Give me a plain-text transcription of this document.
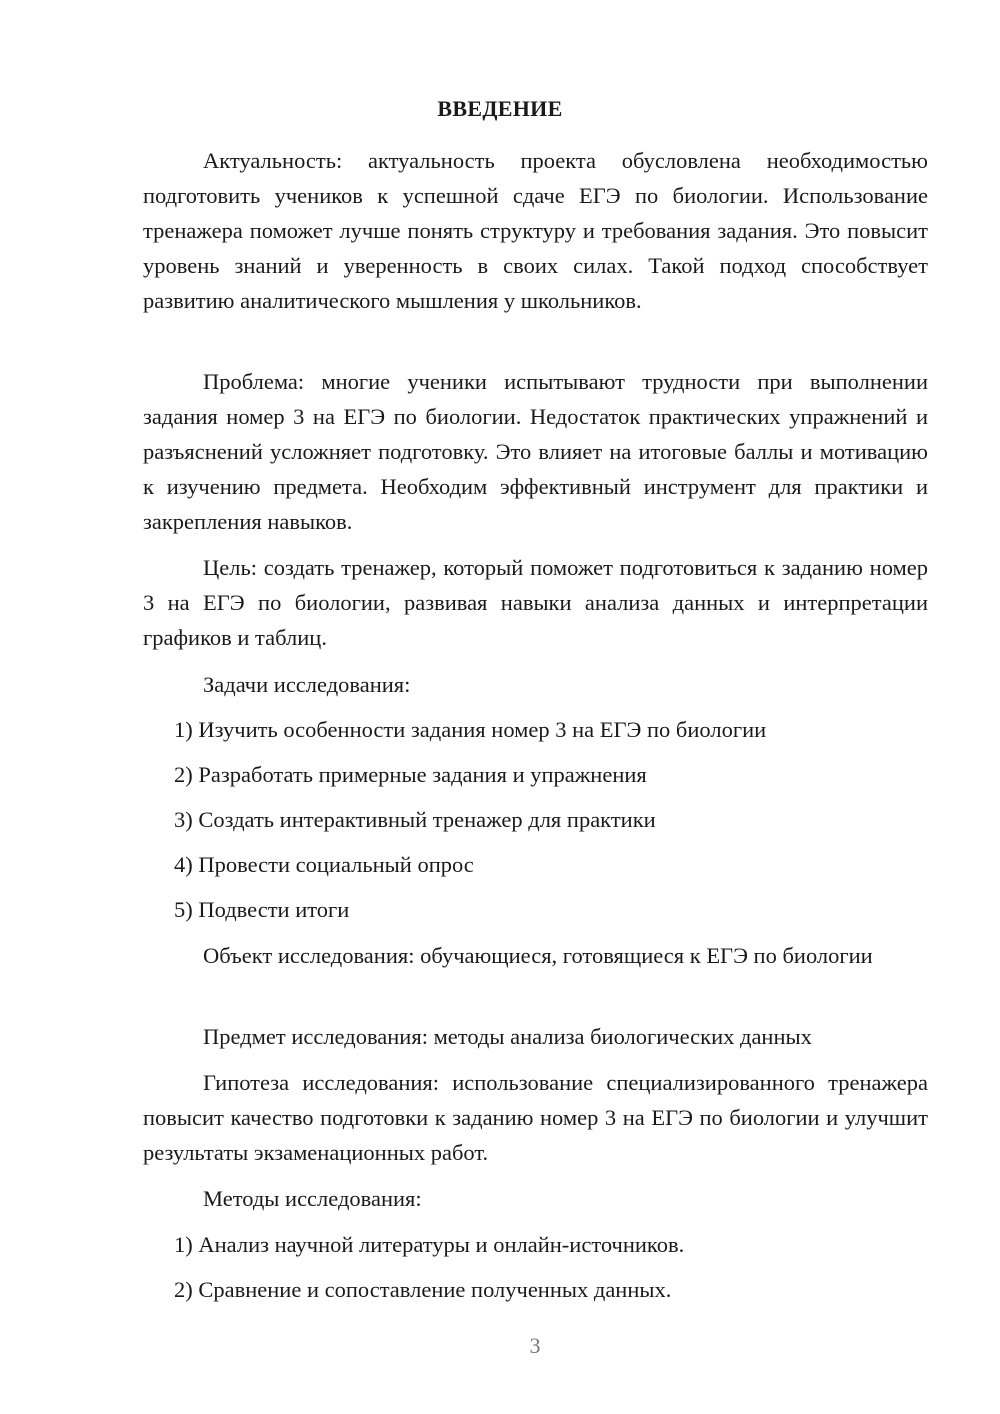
ВВЕДЕНИЕ

Актуальность: актуальность проекта обусловлена необходимостью подготовить учеников к успешной сдаче ЕГЭ по биологии. Использование тренажера поможет лучше понять структуру и требования задания. Это повысит уровень знаний и уверенность в своих силах. Такой подход способствует развитию аналитического мышления у школьников.

Проблема: многие ученики испытывают трудности при выполнении задания номер 3 на ЕГЭ по биологии. Недостаток практических упражнений и разъяснений усложняет подготовку. Это влияет на итоговые баллы и мотивацию к изучению предмета. Необходим эффективный инструмент для практики и закрепления навыков.

Цель: создать тренажер, который поможет подготовиться к заданию номер 3 на ЕГЭ по биологии, развивая навыки анализа данных и интерпретации графиков и таблиц.

Задачи исследования:

1) Изучить особенности задания номер 3 на ЕГЭ по биологии

2) Разработать примерные задания и упражнения

3) Создать интерактивный тренажер для практики

4) Провести социальный опрос

5) Подвести итоги

Объект исследования: обучающиеся, готовящиеся к ЕГЭ по биологии

Предмет исследования: методы анализа биологических данных

Гипотеза исследования: использование специализированного тренажера повысит качество подготовки к заданию номер 3 на ЕГЭ по биологии и улучшит результаты экзаменационных работ.

Методы исследования:

1) Анализ научной литературы и онлайн-источников.

2) Сравнение и сопоставление полученных данных.

3
